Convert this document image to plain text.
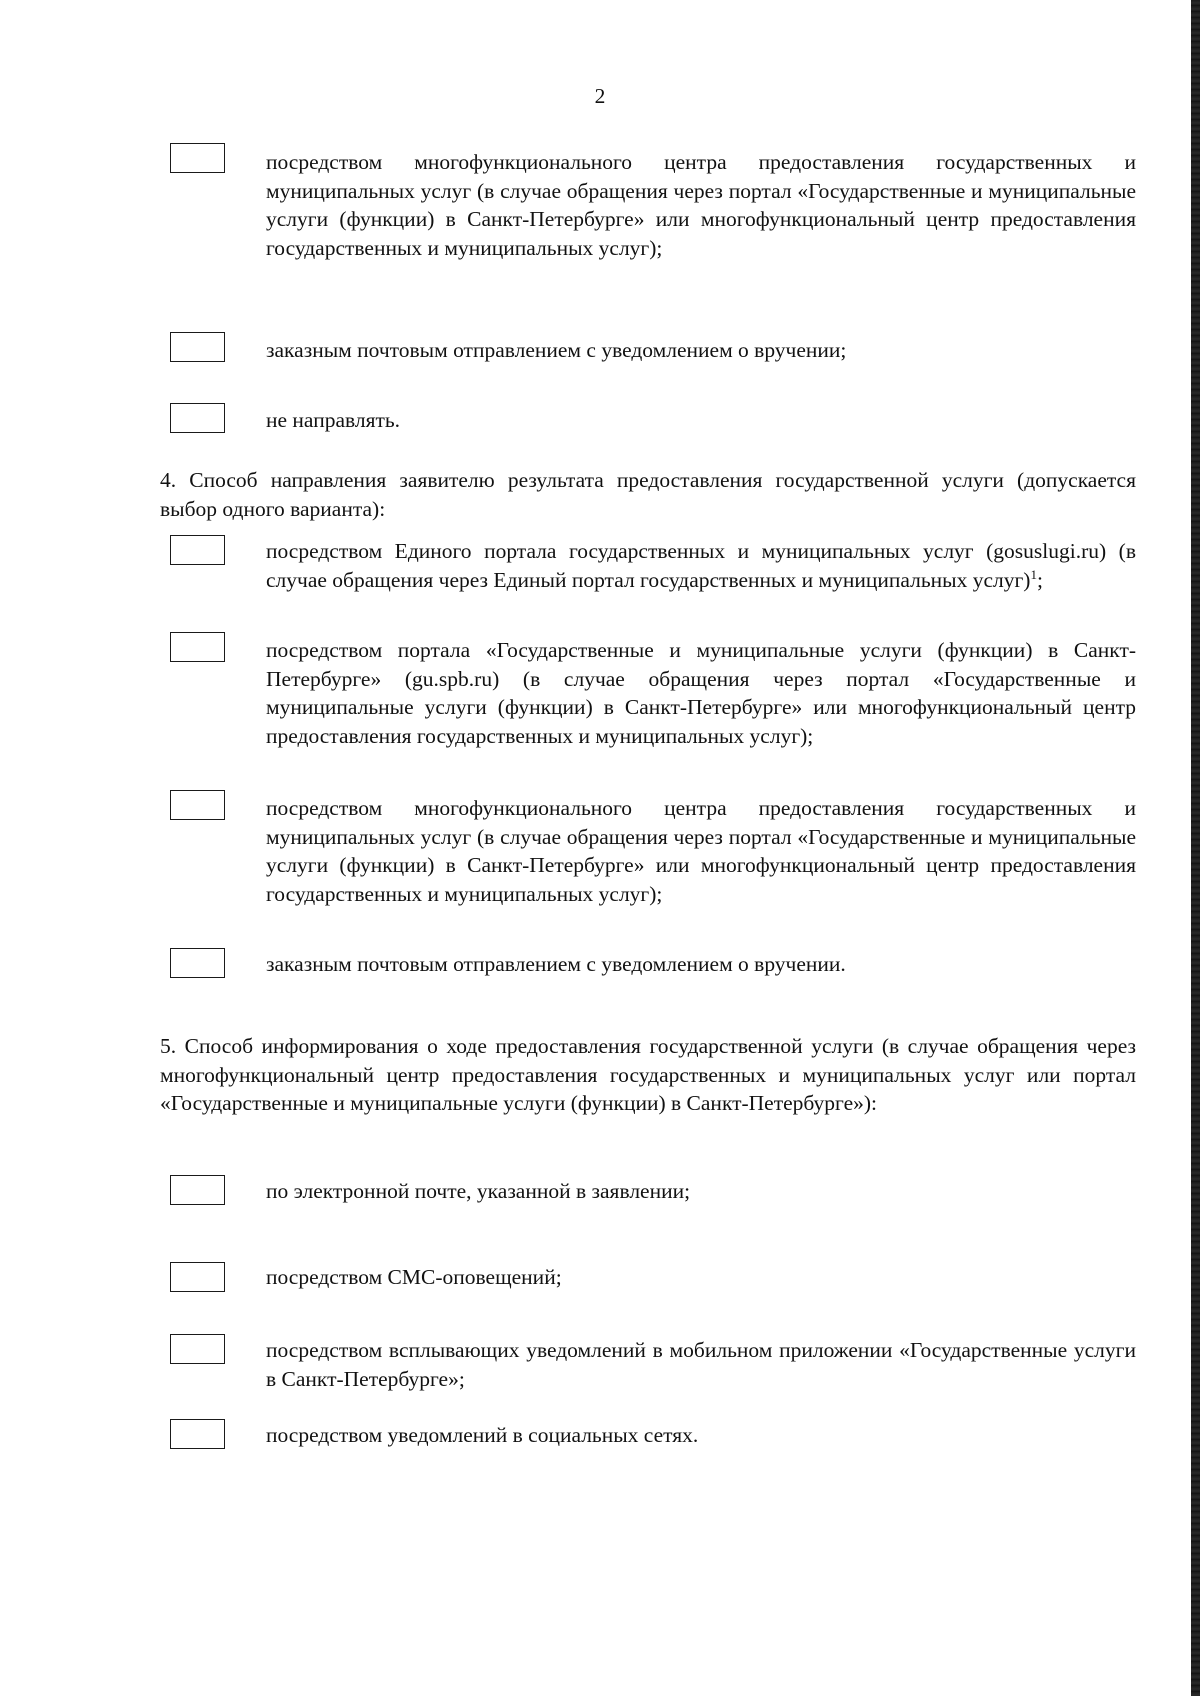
2
посредством многофункционального центра предоставления государственных и муниципальных услуг (в случае обращения через портал «Государственные и муниципальные услуги (функции) в Санкт-Петербурге» или многофункциональный центр предоставления государственных и муниципальных услуг);
заказным почтовым отправлением с уведомлением о вручении;
не направлять.
4. Способ направления заявителю результата предоставления государственной услуги (допускается выбор одного варианта):
посредством Единого портала государственных и муниципальных услуг (gosuslugi.ru) (в случае обращения через Единый портал государственных и муниципальных услуг)$^1$;
посредством портала «Государственные и муниципальные услуги (функции) в Санкт-Петербурге» (gu.spb.ru) (в случае обращения через портал «Государственные и муниципальные услуги (функции) в Санкт-Петербурге» или многофункциональный центр предоставления государственных и муниципальных услуг);
посредством многофункционального центра предоставления государственных и муниципальных услуг (в случае обращения через портал «Государственные и муниципальные услуги (функции) в Санкт-Петербурге» или многофункциональный центр предоставления государственных и муниципальных услуг);
заказным почтовым отправлением с уведомлением о вручении.
5. Способ информирования о ходе предоставления государственной услуги (в случае обращения через многофункциональный центр предоставления государственных и муниципальных услуг или портал «Государственные и муниципальные услуги (функции) в Санкт-Петербурге»):
по электронной почте, указанной в заявлении;
посредством СМС-оповещений;
посредством всплывающих уведомлений в мобильном приложении «Государственные услуги в Санкт-Петербурге»;
посредством уведомлений в социальных сетях.
